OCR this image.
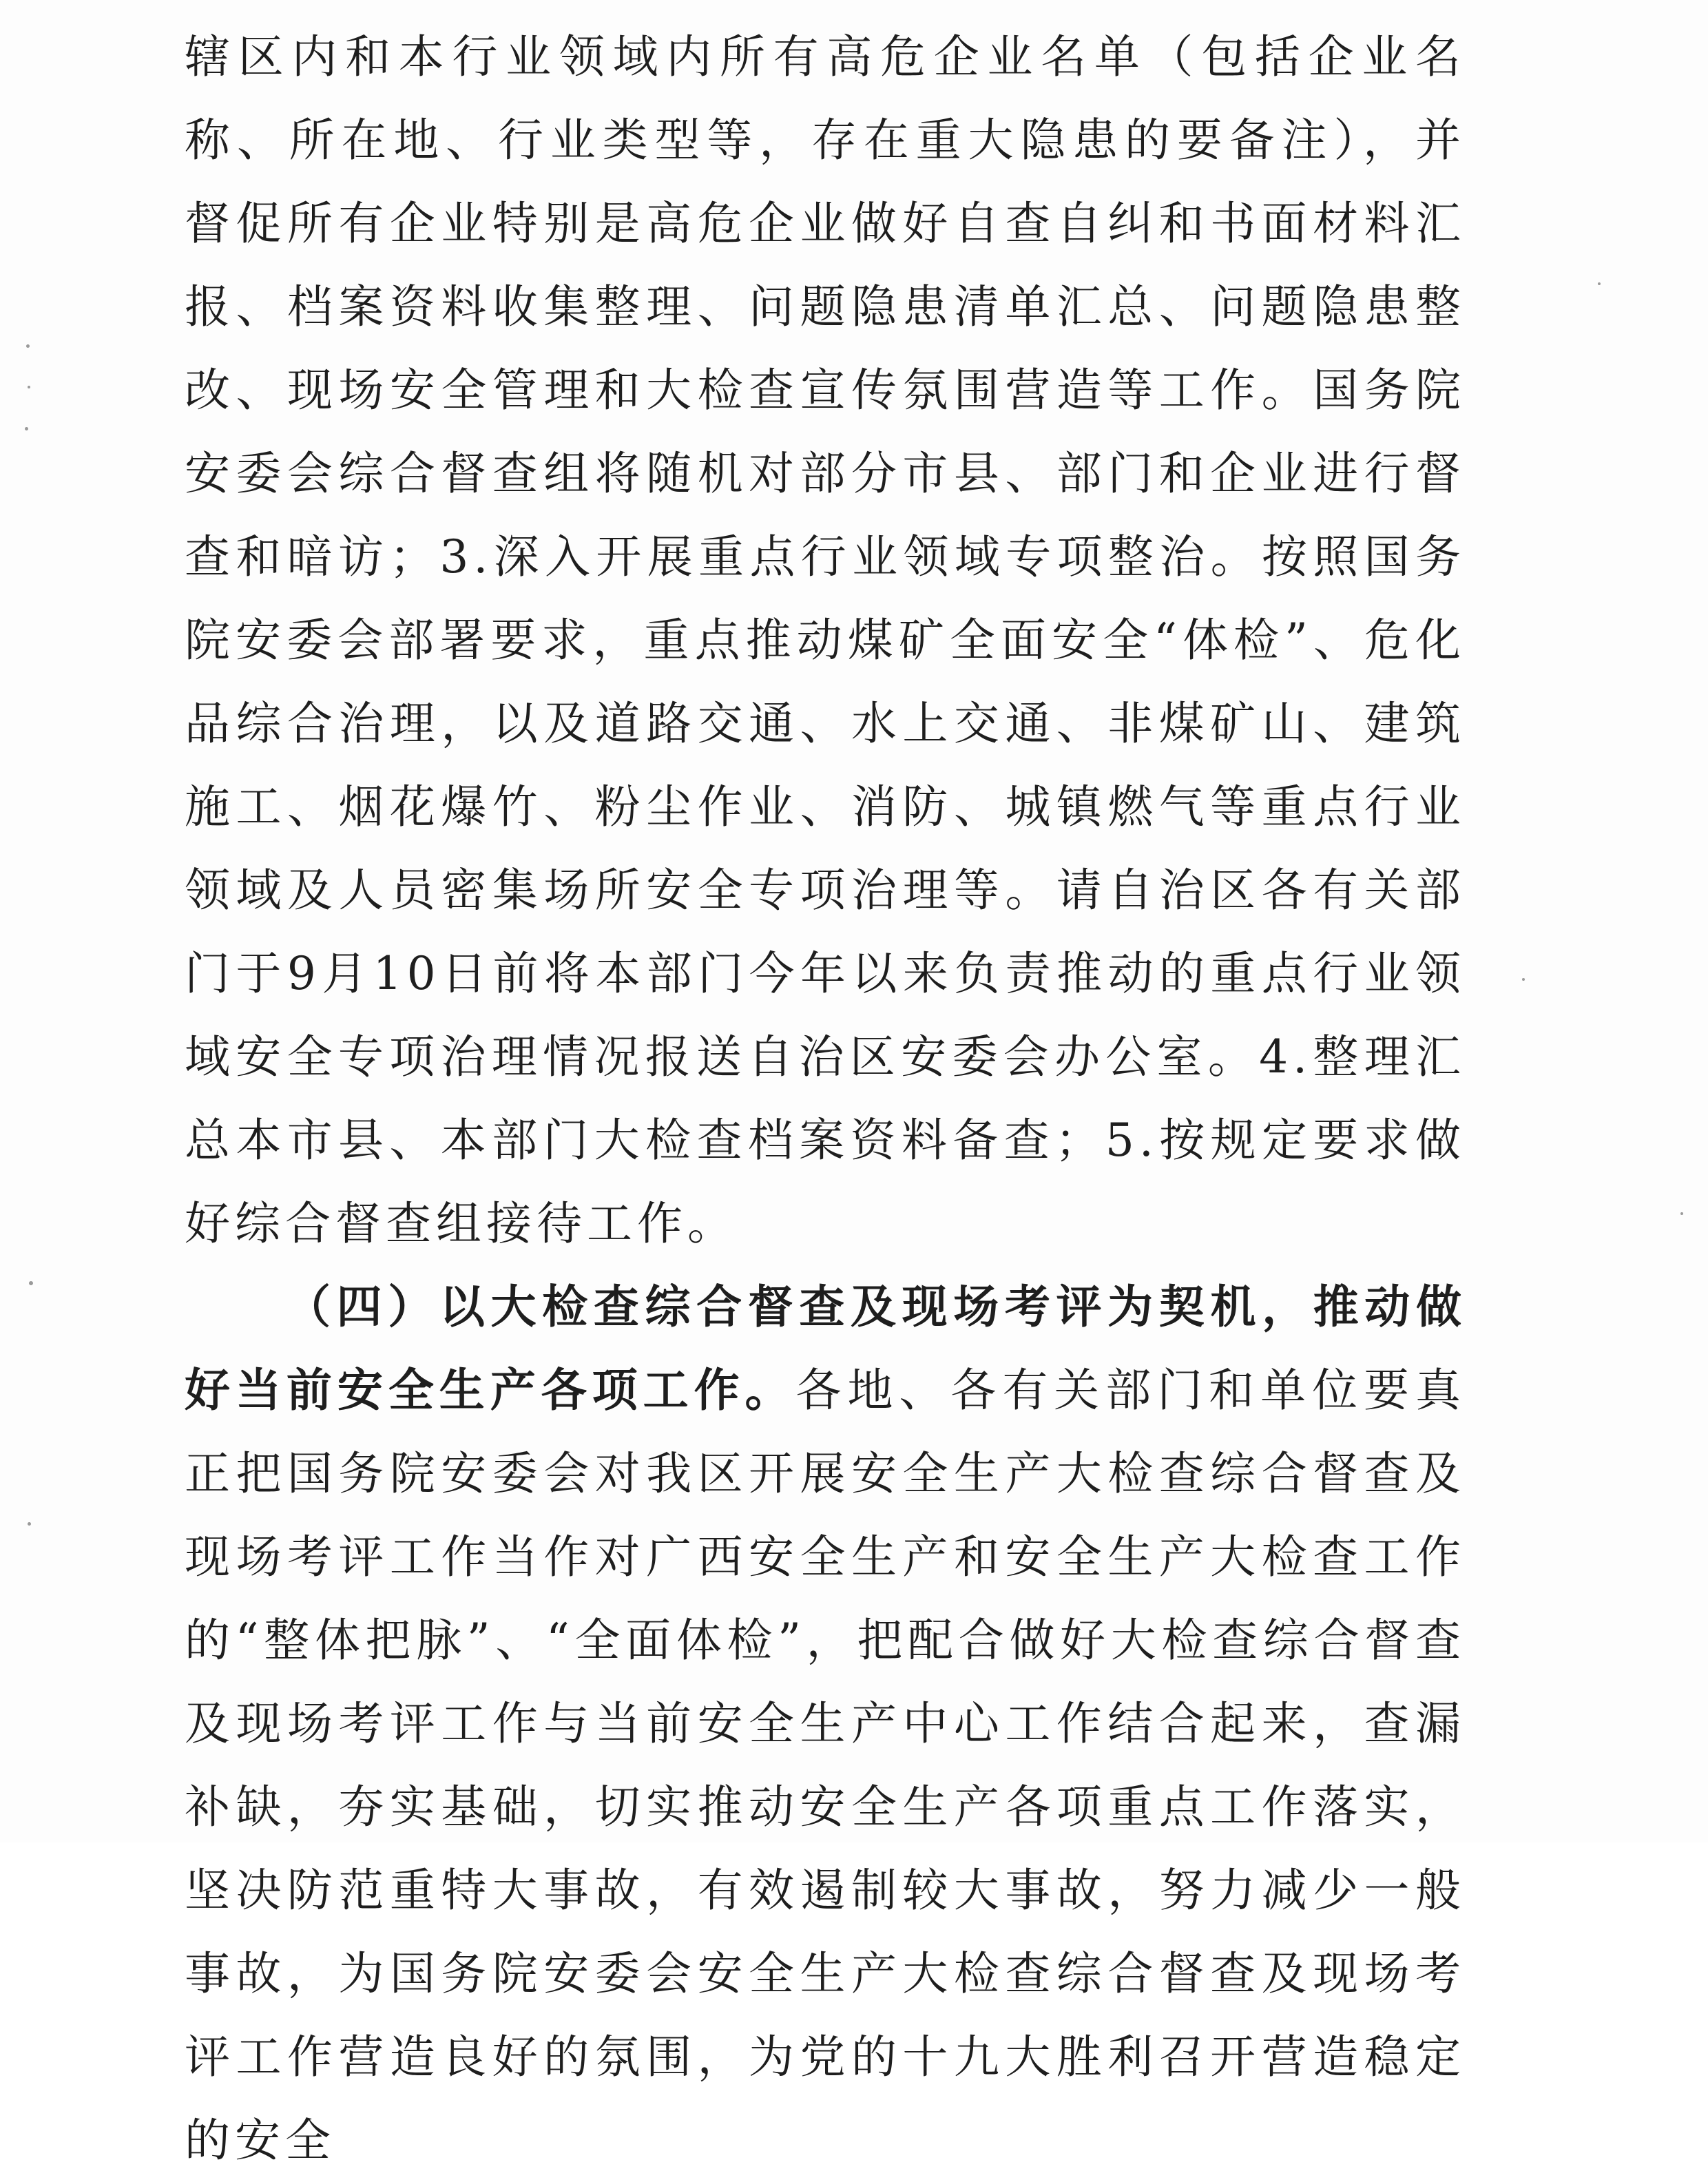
辖区内和本行业领域内所有高危企业名单（包括企业名称、所在地、行业类型等，存在重大隐患的要备注），并督促所有企业特别是高危企业做好自查自纠和书面材料汇报、档案资料收集整理、问题隐患清单汇总、问题隐患整改、现场安全管理和大检查宣传氛围营造等工作。国务院安委会综合督查组将随机对部分市县、部门和企业进行督查和暗访；3.深入开展重点行业领域专项整治。按照国务院安委会部署要求，重点推动煤矿全面安全“体检”、危化品综合治理，以及道路交通、水上交通、非煤矿山、建筑施工、烟花爆竹、粉尘作业、消防、城镇燃气等重点行业领域及人员密集场所安全专项治理等。请自治区各有关部门于9月10日前将本部门今年以来负责推动的重点行业领域安全专项治理情况报送自治区安委会办公室。4.整理汇总本市县、本部门大检查档案资料备查；5.按规定要求做好综合督查组接待工作。

（四）以大检查综合督查及现场考评为契机，推动做好当前安全生产各项工作。各地、各有关部门和单位要真正把国务院安委会对我区开展安全生产大检查综合督查及现场考评工作当作对广西安全生产和安全生产大检查工作的“整体把脉”、“全面体检”，把配合做好大检查综合督查及现场考评工作与当前安全生产中心工作结合起来，查漏补缺，夯实基础，切实推动安全生产各项重点工作落实，坚决防范重特大事故，有效遏制较大事故，努力减少一般事故，为国务院安委会安全生产大检查综合督查及现场考评工作营造良好的氛围，为党的十九大胜利召开营造稳定的安全
